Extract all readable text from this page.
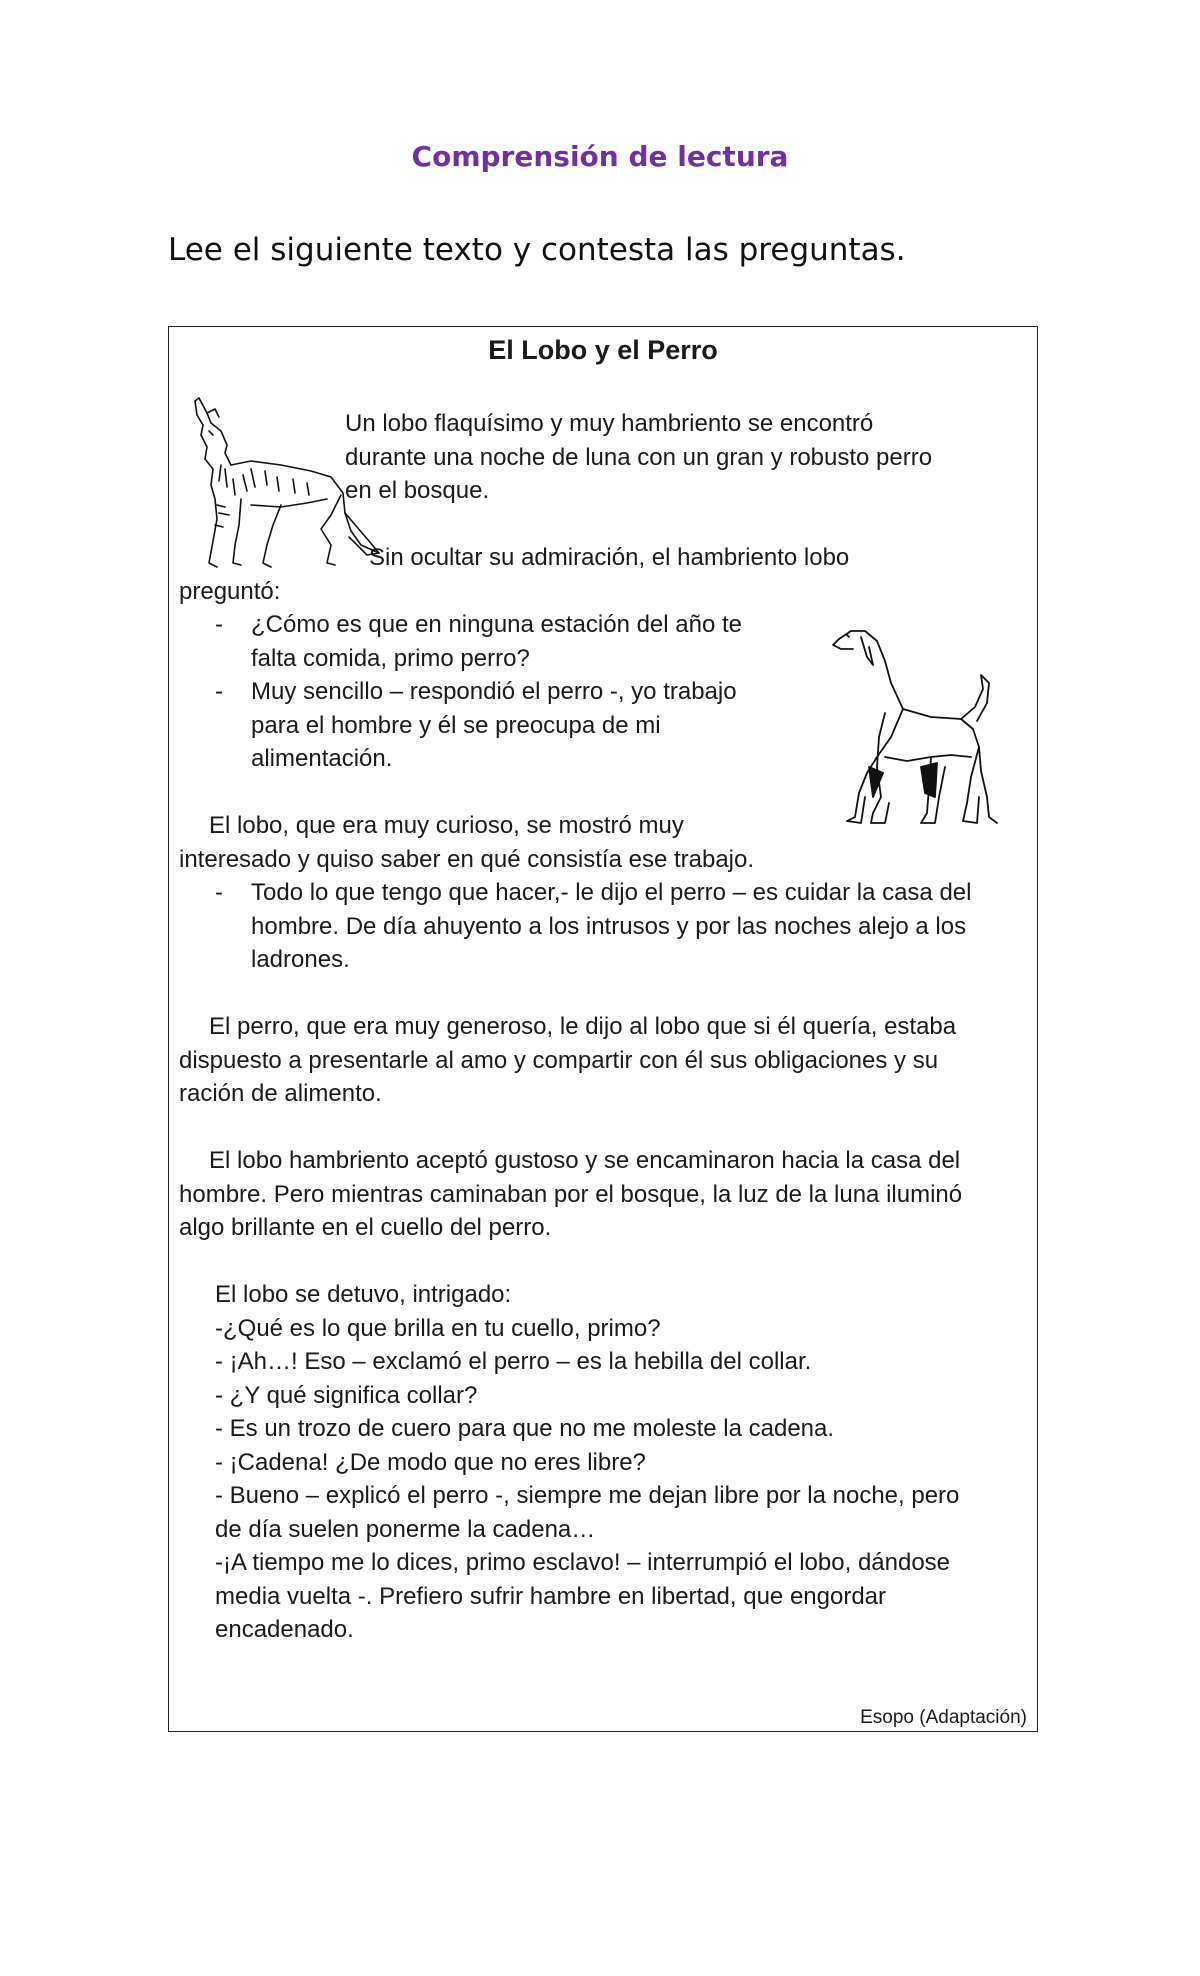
Comprensión de lectura
Lee el siguiente texto y contesta las preguntas.
El Lobo y el Perro
Un lobo flaquísimo y muy hambriento se encontró
durante una noche de luna con un gran y robusto perro
en el bosque.
Sin ocultar su admiración, el hambriento lobo
preguntó:
- ¿Cómo es que en ninguna estación del año te
falta comida, primo perro?
- Muy sencillo – respondió el perro -, yo trabajo
para el hombre y él se preocupa de mi
alimentación.
El lobo, que era muy curioso, se mostró muy
interesado y quiso saber en qué consistía ese trabajo.
- Todo lo que tengo que hacer,- le dijo el perro – es cuidar la casa del
hombre. De día ahuyento a los intrusos y por las noches alejo a los
ladrones.
El perro, que era muy generoso, le dijo al lobo que si él quería, estaba
dispuesto a presentarle al amo y compartir con él sus obligaciones y su
ración de alimento.
El lobo hambriento aceptó gustoso y se encaminaron hacia la casa del
hombre. Pero mientras caminaban por el bosque, la luz de la luna iluminó
algo brillante en el cuello del perro.
El lobo se detuvo, intrigado:
-¿Qué es lo que brilla en tu cuello, primo?
- ¡Ah…! Eso – exclamó el perro – es la hebilla del collar.
- ¿Y qué significa collar?
- Es un trozo de cuero para que no me moleste la cadena.
- ¡Cadena! ¿De modo que no eres libre?
- Bueno – explicó el perro -, siempre me dejan libre por la noche, pero
de día suelen ponerme la cadena…
-¡A tiempo me lo dices, primo esclavo! – interrumpió el lobo, dándose
media vuelta -. Prefiero sufrir hambre en libertad, que engordar
encadenado.
Esopo (Adaptación)
